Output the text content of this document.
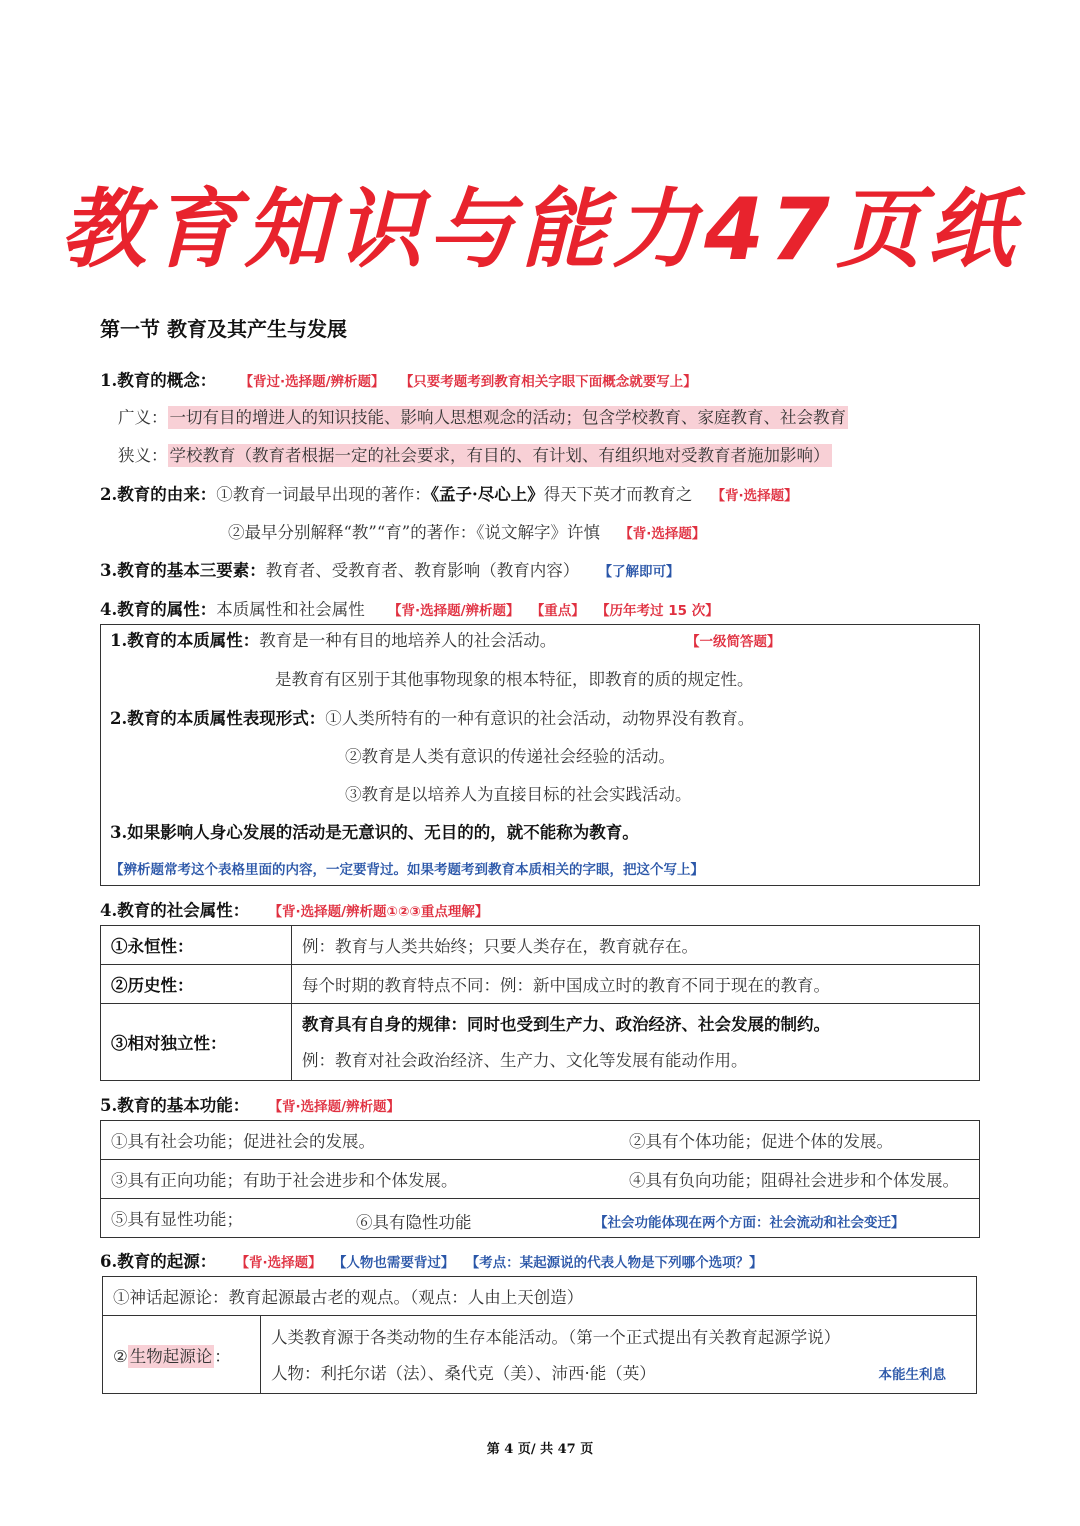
教育知识与能力47页纸
第一节 教育及其产生与发展
1.教育的概念： 【背过·选择题/辨析题】 【只要考题考到教育相关字眼下面概念就要写上】
广义： 一切有目的增进人的知识技能、影响人思想观念的活动；包含学校教育、家庭教育、社会教育
狭义： 学校教育（教育者根据一定的社会要求，有目的、有计划、有组织地对受教育者施加影响）
2.教育的由来：①教育一词最早出现的著作：《孟子·尽心上》得天下英才而教育之 【背·选择题】
②最早分别解释“教”“育”的著作：《说文解字》许慎 【背·选择题】
3.教育的基本三要素：教育者、受教育者、教育影响（教育内容） 【了解即可】
4.教育的属性：本质属性和社会属性 【背·选择题/辨析题】 【重点】 【历年考过 15 次】
1.教育的本质属性：教育是一种有目的地培养人的社会活动。	【一级简答题】
是教育有区别于其他事物现象的根本特征，即教育的质的规定性。
2.教育的本质属性表现形式：①人类所特有的一种有意识的社会活动，动物界没有教育。
②教育是人类有意识的传递社会经验的活动。
③教育是以培养人为直接目标的社会实践活动。
3.如果影响人身心发展的活动是无意识的、无目的的，就不能称为教育。
【辨析题常考这个表格里面的内容，一定要背过。如果考题考到教育本质相关的字眼，把这个写上】
4.教育的社会属性： 【背·选择题/辨析题①②③重点理解】
①永恒性：	例：教育与人类共始终；只要人类存在，教育就存在。
②历史性：	每个时期的教育特点不同：例：新中国成立时的教育不同于现在的教育。
③相对独立性：	教育具有自身的规律：同时也受到生产力、政治经济、社会发展的制约。
例：教育对社会政治经济、生产力、文化等发展有能动作用。
5.教育的基本功能： 【背·选择题/辨析题】
①具有社会功能；促进社会的发展。	②具有个体功能；促进个体的发展。
③具有正向功能；有助于社会进步和个体发展。	④具有负向功能；阻碍社会进步和个体发展。
⑤具有显性功能； ⑥具有隐性功能 【社会功能体现在两个方面：社会流动和社会变迁】	
6.教育的起源： 【背·选择题】 【人物也需要背过】 【考点：某起源说的代表人物是下列哪个选项？】
①神话起源论：教育起源最古老的观点。（观点：人由上天创造）
② 生物起源论 ：	
人类教育源于各类动物的生存本能活动。（第一个正式提出有关教育起源学说）
人物：利托尔诺（法）、桑代克（美）、沛西·能（英）	本能生利息
第 4 页/ 共 47 页
